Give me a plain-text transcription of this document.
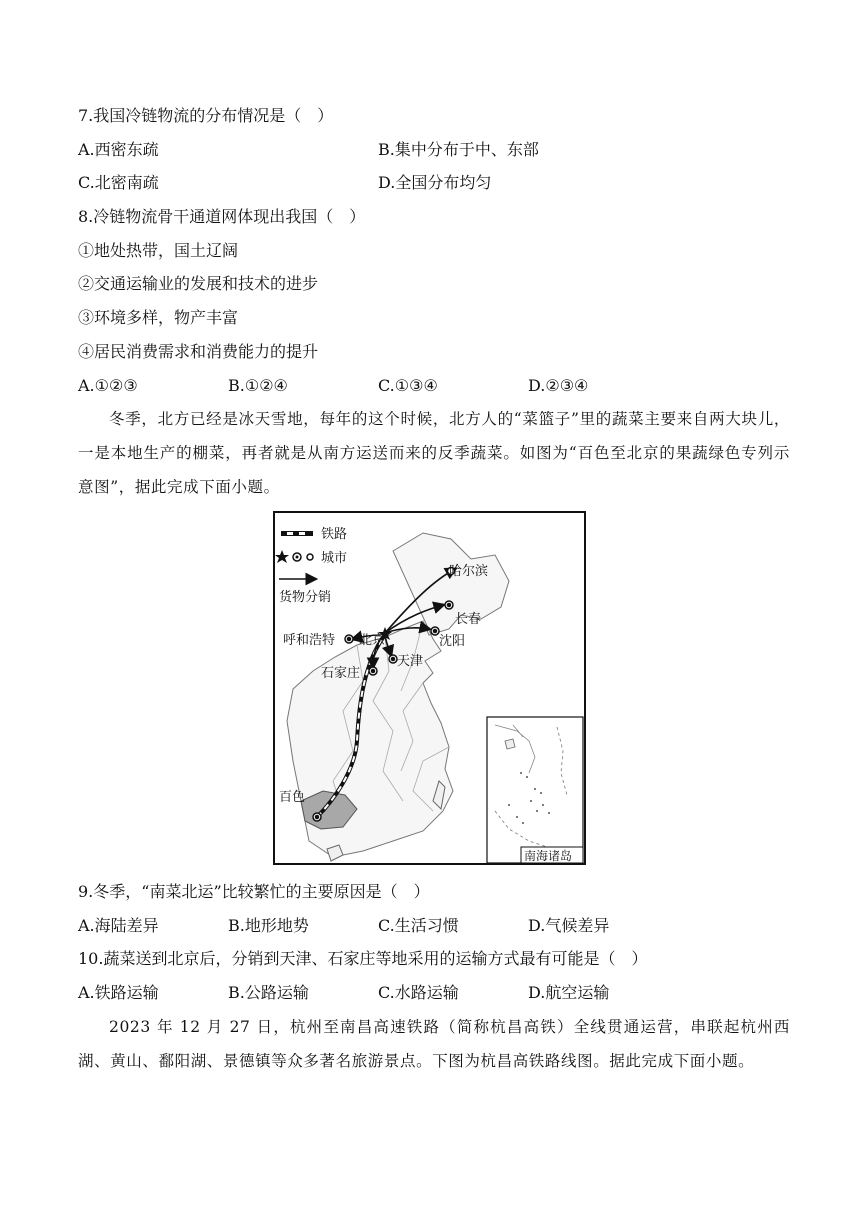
7.我国冷链物流的分布情况是（　）
A.西密东疏	B.集中分布于中、东部
C.北密南疏	D.全国分布均匀
8.冷链物流骨干通道网体现出我国（　）
①地处热带，国土辽阔
②交通运输业的发展和技术的进步
③环境多样，物产丰富
④居民消费需求和消费能力的提升
A.①②③	B.①②④	C.①③④	D.②③④
冬季，北方已经是冰天雪地，每年的这个时候，北方人的“菜篮子”里的蔬菜主要来自两大块儿，一是本地生产的棚菜，再者就是从南方运送而来的反季蔬菜。如图为“百色至北京的果蔬绿色专列示意图”，据此完成下面小题。
哈尔滨
长春
呼和浩特 北京	沈阳
天津
石家庄
百色
铁路
城市
货物分销
南海诸岛
9.冬季，“南菜北运”比较繁忙的主要原因是（　）
A.海陆差异	B.地形地势	C.生活习惯	D.气候差异
10.蔬菜送到北京后，分销到天津、石家庄等地采用的运输方式最有可能是（　）
A.铁路运输	B.公路运输	C.水路运输	D.航空运输
2023 年 12 月 27 日，杭州至南昌高速铁路（简称杭昌高铁）全线贯通运营，串联起杭州西湖、黄山、鄱阳湖、景德镇等众多著名旅游景点。下图为杭昌高铁路线图。据此完成下面小题。
